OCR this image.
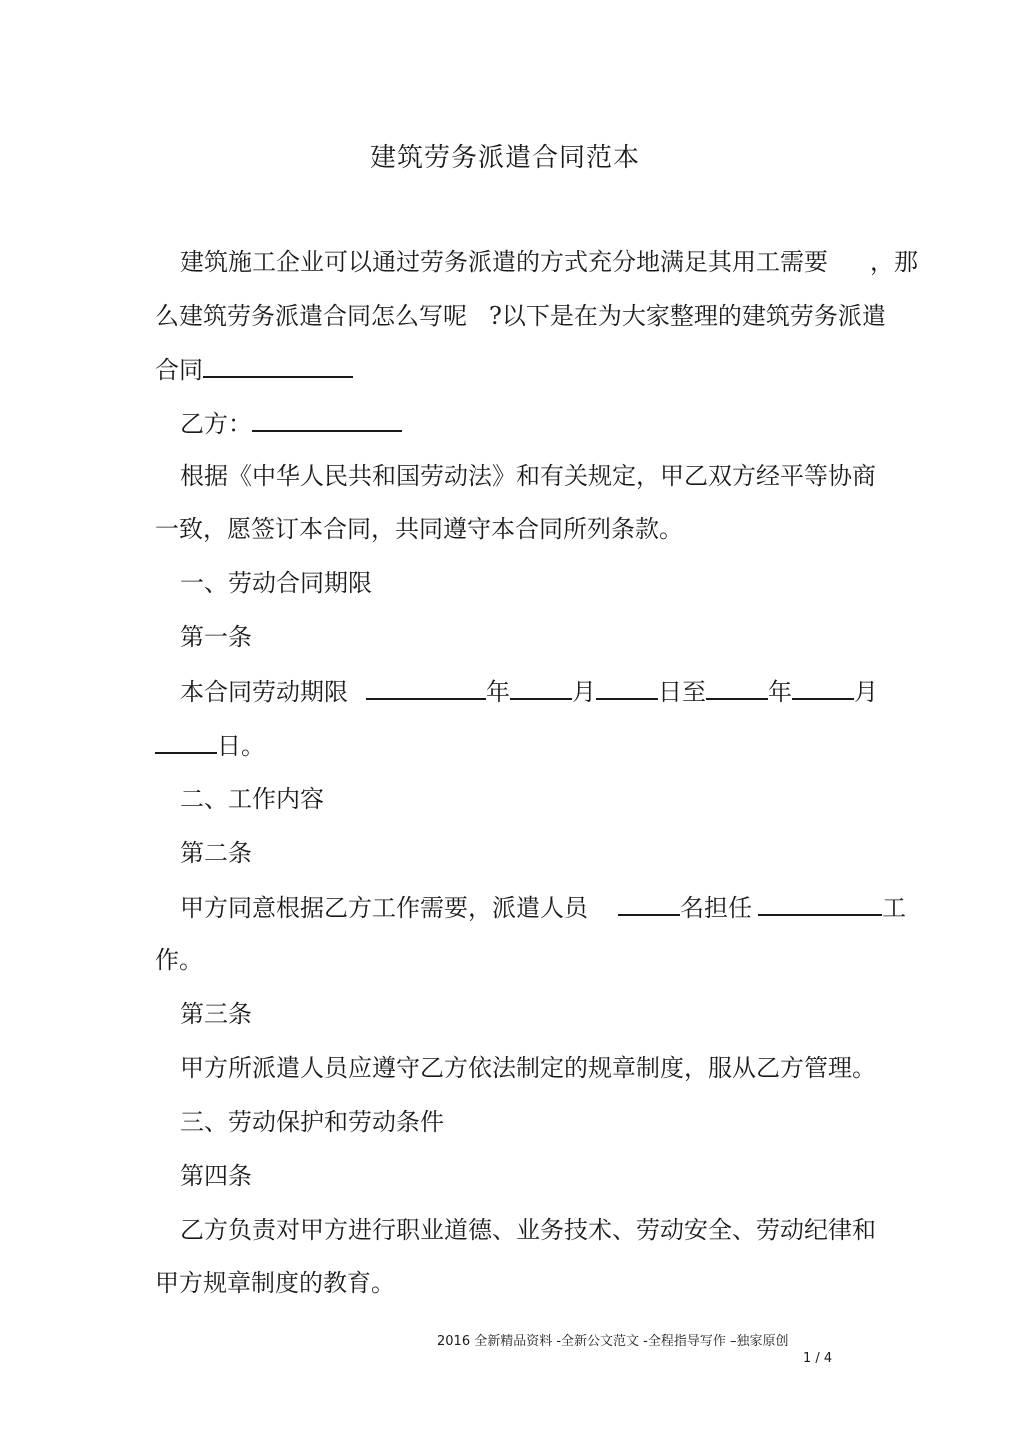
建筑劳务派遣合同范本
建筑施工企业可以通过劳务派遣的方式充分地满足其用工需要 ，那
么建筑劳务派遣合同怎么写呢 ?以下是在为大家整理的建筑劳务派遣
合同
乙方：
根据《中华人民共和国劳动法》和有关规定，甲乙双方经平等协商
一致，愿签订本合同，共同遵守本合同所列条款。
一、劳动合同期限
第一条
本合同劳动期限	年	月	日至	年	月
日。
二、工作内容
第二条
甲方同意根据乙方工作需要，派遣人员	名担任	工
作。
第三条
甲方所派遣人员应遵守乙方依法制定的规章制度，服从乙方管理。
三、劳动保护和劳动条件
第四条
乙方负责对甲方进行职业道德、业务技术、劳动安全、劳动纪律和
甲方规章制度的教育。
2016 全新精品资料 -全新公文范文 -全程指导写作 –独家原创
1 / 4
